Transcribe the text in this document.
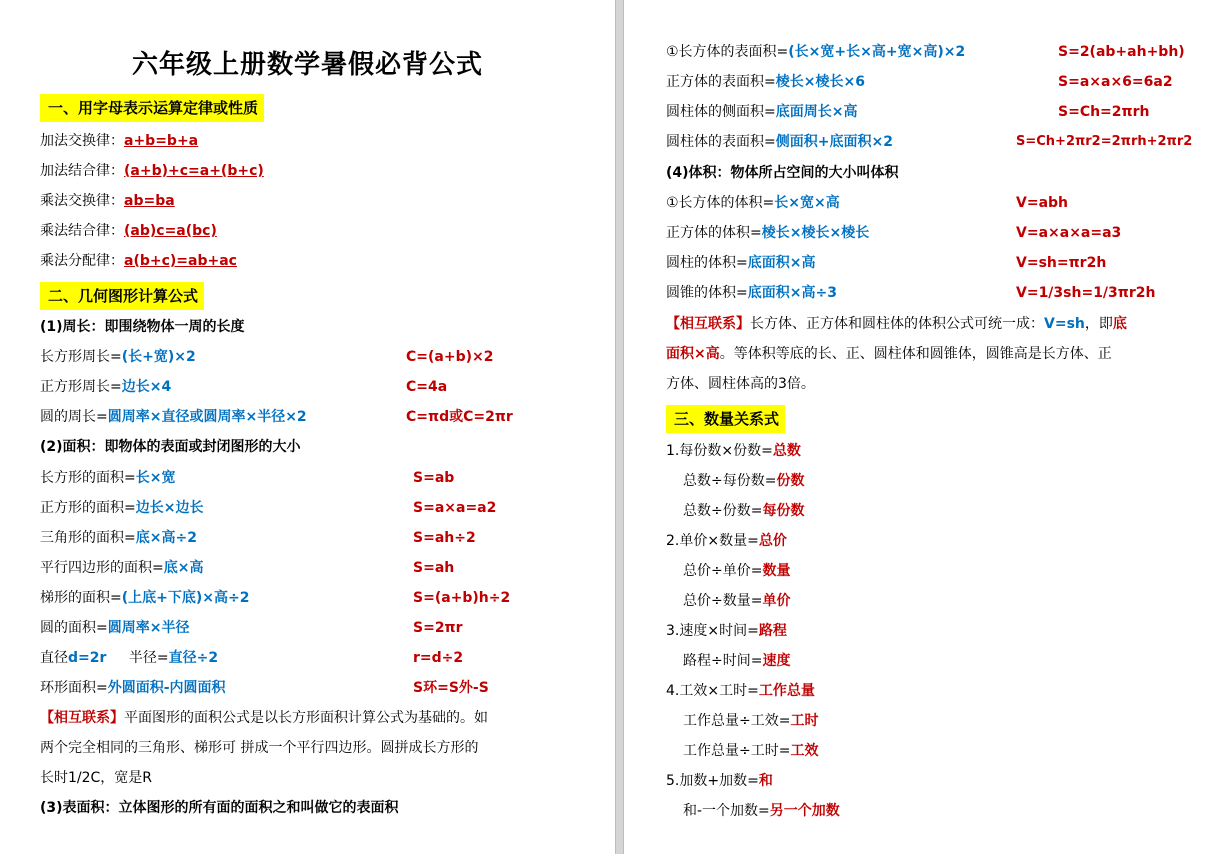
六年级上册数学暑假必背公式
一、用字母表示运算定律或性质
加法交换律：a+b=b+a
加法结合律：(a+b)+c=a+(b+c)
乘法交换律：ab=ba
乘法结合律：(ab)c=a(bc)
乘法分配律：a(b+c)=ab+ac
二、几何图形计算公式
(1)周长：即围绕物体一周的长度
长方形周长=(长+宽)×2	C=(a+b)×2
正方形周长=边长×4	C=4a
圆的周长=圆周率×直径或圆周率×半径×2	C=πd或C=2πr
(2)面积：即物体的表面或封闭图形的大小
长方形的面积=长×宽	S=ab
正方形的面积=边长×边长	S=a×a=a2
三角形的面积=底×高÷2	S=ah÷2
平行四边形的面积=底×高	S=ah
梯形的面积=(上底+下底)×高÷2	S=(a+b)h÷2
圆的面积=圆周率×半径	S=2πr
直径d=2r 半径=直径÷2	r=d÷2
环形面积=外圆面积-内圆面积	S环=S外-S
【相互联系】平面图形的面积公式是以长方形面积计算公式为基础的。如
两个完全相同的三角形、梯形可 拼成一个平行四边形。圆拼成长方形的
长时1/2C，宽是R
(3)表面积：立体图形的所有面的面积之和叫做它的表面积
①长方体的表面积=(长×宽+长×高+宽×高)×2	S=2(ab+ah+bh)
正方体的表面积=棱长×棱长×6	S=a×a×6=6a2
圆柱体的侧面积=底面周长×高	S=Ch=2πrh
圆柱体的表面积=侧面积+底面积×2	S=Ch+2πr2=2πrh+2πr2
(4)体积：物体所占空间的大小叫体积
①长方体的体积=长×宽×高	V=abh
正方体的体积=棱长×棱长×棱长	V=a×a×a=a3
圆柱的体积=底面积×高	V=sh=πr2h
圆锥的体积=底面积×高÷3	V=1/3sh=1/3πr2h
【相互联系】长方体、正方体和圆柱体的体积公式可统一成：V=sh，即底
面积×高。等体积等底的长、正、圆柱体和圆锥体，圆锥高是长方体、正
方体、圆柱体高的3倍。
三、数量关系式
1.每份数×份数=总数
总数÷每份数=份数
总数÷份数=每份数
2.单价×数量=总价
总价÷单价=数量
总价÷数量=单价
3.速度×时间=路程
路程÷时间=速度
4.工效×工时=工作总量
工作总量÷工效=工时
工作总量÷工时=工效
5.加数+加数=和
和-一个加数=另一个加数
